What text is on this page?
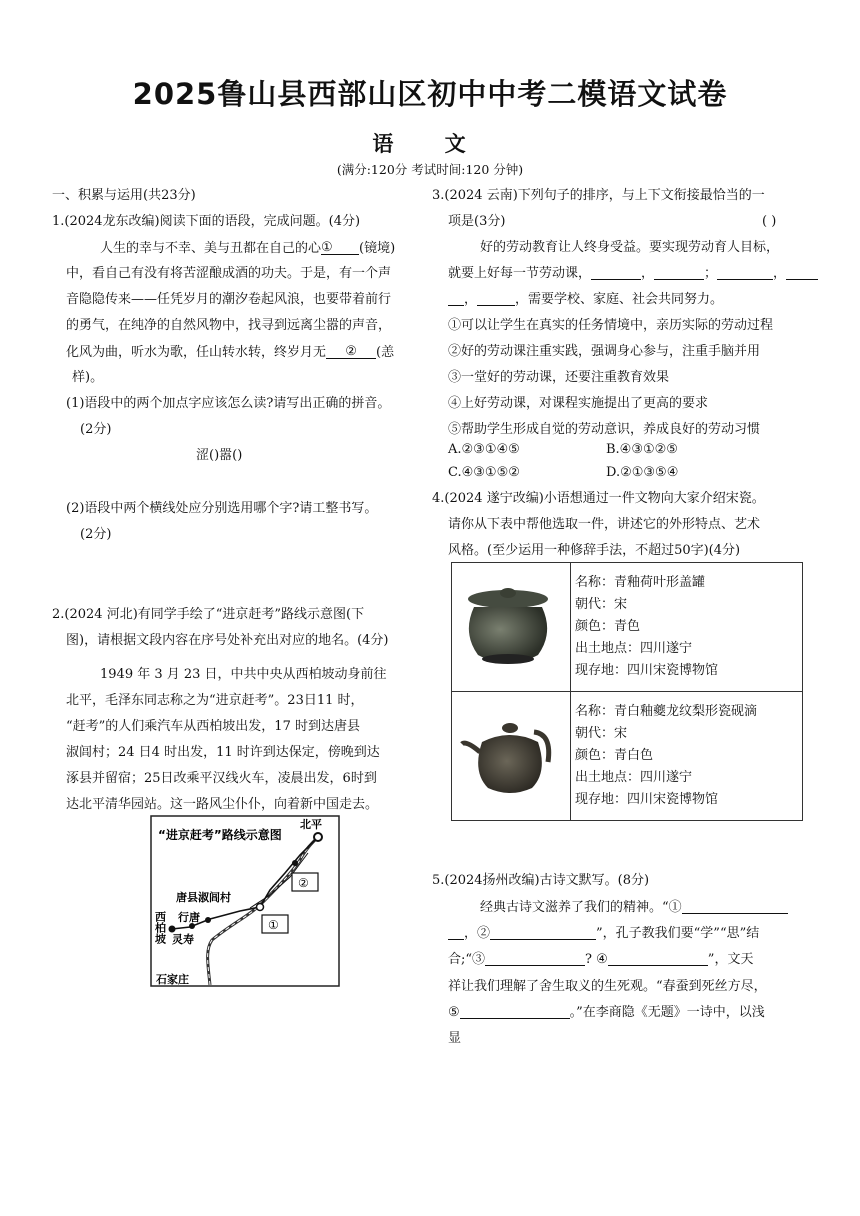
2025鲁山县西部山区初中中考二模语文试卷
语 文
(满分:120分 考试时间:120 分钟)
一、积累与运用(共23分)
1.(2024龙东改编)阅读下面的语段，完成问题。(4分)
人生的幸与不幸、美与丑都在自己的心① (镜境)
中，看自己有没有将苦涩酿成酒的功夫。于是，有一个声
音隐隐传来——任凭岁月的潮汐卷起风浪，也要带着前行
的勇气，在纯净的自然风物中，找寻到远离尘嚣的声音，
化风为曲，听水为歌，任山转水转，终岁月无 ② (恙
样)。
(1)语段中的两个加点字应该怎么读?请写出正确的拼音。
(2分)
涩()嚣()
(2)语段中两个横线处应分别选用哪个字?请工整书写。
(2分)
2.(2024 河北)有同学手绘了“进京赶考”路线示意图(下
图)，请根据文段内容在序号处补充出对应的地名。(4分)
1949 年 3 月 23 日，中共中央从西柏坡动身前往
北平，毛泽东同志称之为“进京赶考”。23日11 时，
“赶考”的人们乘汽车从西柏坡出发，17 时到达唐县
淑闾村；24 日4 时出发，11 时许到达保定，傍晚到达
涿县并留宿；25日改乘平汉线火车，凌晨出发，6时到
达北平清华园站。这一路风尘仆仆，向着新中国走去。
“进京赶考”路线示意图
北平
唐县淑闾村
行唐
灵寿
石家庄
西柏坡	①
②
3.(2024 云南)下列句子的排序，与上下文衔接最恰当的一
项是(3分)	( )
好的劳动教育让人终身受益。要实现劳动育人目标，
就要上好每一节劳动课，	，	；	，
，	，需要学校、家庭、社会共同努力。
①可以让学生在真实的任务情境中，亲历实际的劳动过程
②好的劳动课注重实践，强调身心参与，注重手脑并用
③一堂好的劳动课，还要注重教育效果
④上好劳动课，对课程实施提出了更高的要求
⑤帮助学生形成自觉的劳动意识，养成良好的劳动习惯
A.②③①④⑤	B.④③①②⑤
C.④③①⑤②	D.②①③⑤④
4.(2024 遂宁改编)小语想通过一件文物向大家介绍宋瓷。
请你从下表中帮他选取一件，讲述它的外形特点、艺术
风格。(至少运用一种修辞手法，不超过50字)(4分)

名称：青釉荷叶形盖罐
朝代：宋
颜色：青色
出土地点：四川遂宁
现存地：四川宋瓷博物馆

名称：青白釉夔龙纹梨形瓷砚滴
朝代：宋
颜色：青白色
出土地点：四川遂宁
现存地：四川宋瓷博物馆
5.(2024扬州改编)古诗文默写。(8分)
经典古诗文滋养了我们的精神。“①
，②	”，孔子教我们要“学”“思”结
合;“③	? ④	”，文天
祥让我们理解了舍生取义的生死观。“春蚕到死丝方尽，
⑤	。”在李商隐《无题》一诗中，以浅
显
